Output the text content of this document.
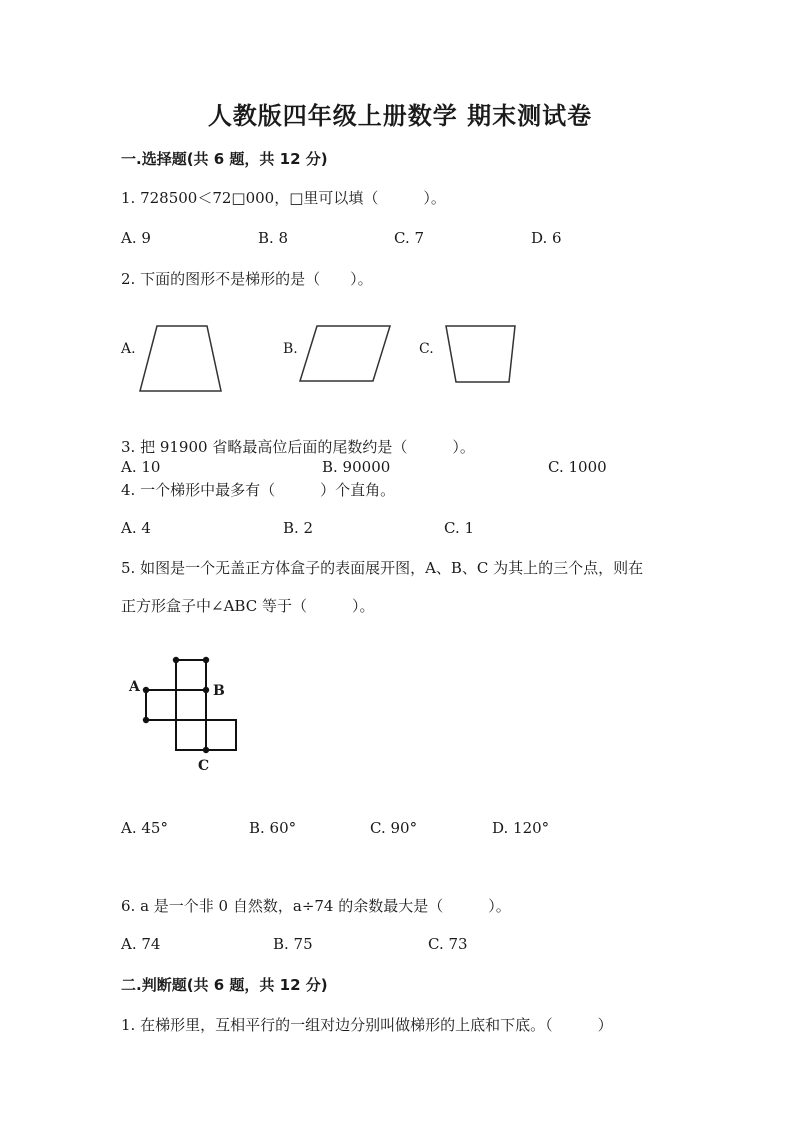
人教版四年级上册数学 期末测试卷
一.选择题(共 6 题，共 12 分)
1. 728500＜72□000，□里可以填（　　　）。
A. 9	B. 8	C. 7	D. 6
2. 下面的图形不是梯形的是（　　）。
A.	B.	C.
3. 把 91900 省略最高位后面的尾数约是（　　　）。
A. 10	B. 90000	C. 1000
4. 一个梯形中最多有（　　　）个直角。
A. 4	B. 2	C. 1
5. 如图是一个无盖正方体盒子的表面展开图，A、B、C 为其上的三个点，则在
正方形盒子中∠ABC 等于（　　　）。
A	B
C
A. 45°	B. 60°	C. 90°	D. 120°
6. a 是一个非 0 自然数，a÷74 的余数最大是（　　　）。
A. 74	B. 75	C. 73
二.判断题(共 6 题，共 12 分)
1. 在梯形里，互相平行的一组对边分别叫做梯形的上底和下底。（　　　）
